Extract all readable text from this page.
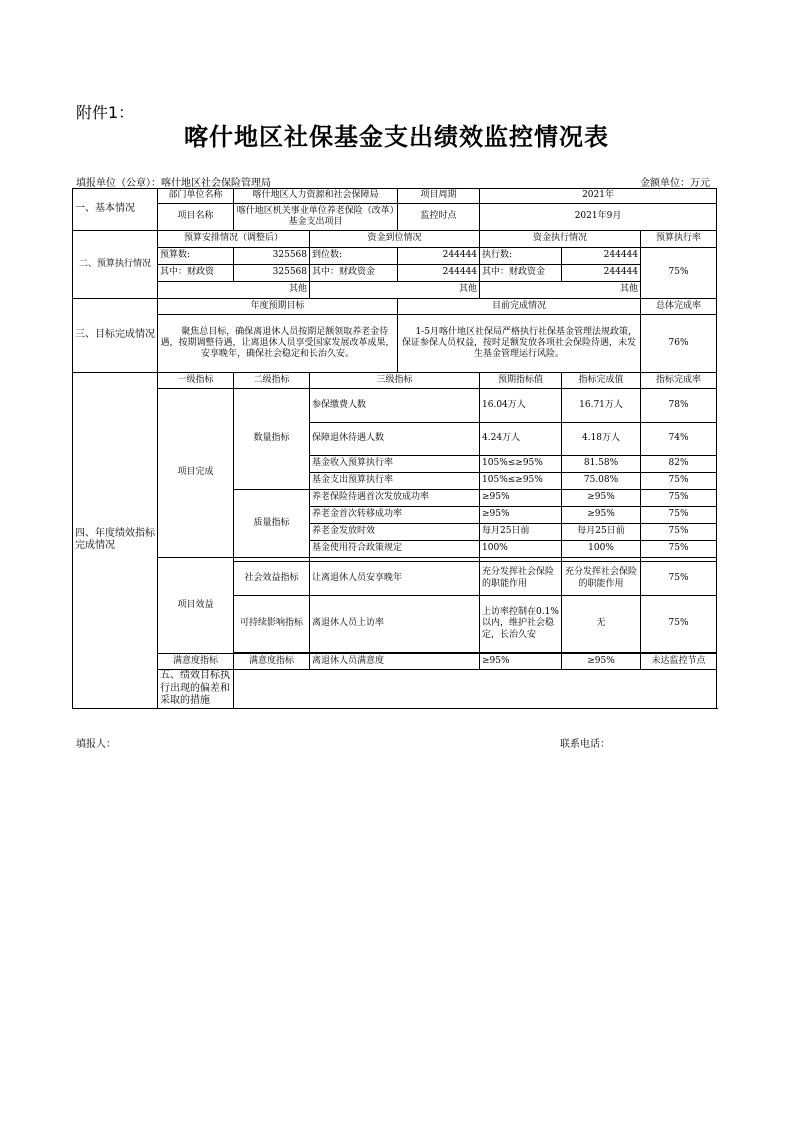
附件1：
喀什地区社保基金支出绩效监控情况表
填报单位（公章）：喀什地区社会保险管理局	金额单位：万元
一、基本情况	部门单位名称	喀什地区人力资源和社会保障局		项目周期	2021年		
	项目名称	喀什地区机关事业单位养老保险（改革）基金支出项目		监控时点	2021年9月		
二、预算执行情况	预算安排情况（调整后）		资金到位情况		资金执行情况		预算执行率
	预算数:	325568	到位数:	244444	执行数:	244444	75%
	其中：财政资	325568	其中：财政资金	244444	其中：财政资金	244444	
	其他		其他		其他		
三、目标完成情况	年度预期目标			目前完成情况			总体完成率
	聚焦总目标，确保离退休人员按期足额领取养老金待遇，按期调整待遇，让离退休人员享受国家发展改革成果，安享晚年，确保社会稳定和长治久安。			1-5月喀什地区社保局严格执行社保基金管理法规政策，保证参保人员权益，按时足额发放各项社会保险待遇，未发生基金管理运行风险。			76%
四、年度绩效指标完成情况	一级指标	二级指标	三级指标		预期指标值	指标完成值	指标完成率
	项目完成	数量指标	参保缴费人数		16.04万人	16.71万人	78%
			保障退休待遇人数		4.24万人	4.18万人	74%
			基金收入预算执行率		105%≤≥95%	81.58%	82%
			基金支出预算执行率		105%≤≥95%	75.08%	75%
		质量指标	养老保险待遇首次发放成功率		≥95%	≥95%	75%
			养老金首次转移成功率		≥95%	≥95%	75%
			养老金发放时效		每月25日前	每月25日前	75%
			基金使用符合政策规定		100%	100%	75%
	项目效益						
		社会效益指标	让离退休人员安享晚年		充分发挥社会保险的职能作用	充分发挥社会保险的职能作用	75%
		可持续影响指标	离退休人员上访率		上访率控制在0.1%以内，维护社会稳定，长治久安	无	75%

	满意度指标	满意度指标	离退休人员满意度		≥95%	≥95%	未达监控节点
	五、绩效目标执行出现的偏差和采取的措施						
填报人：	联系电话：
